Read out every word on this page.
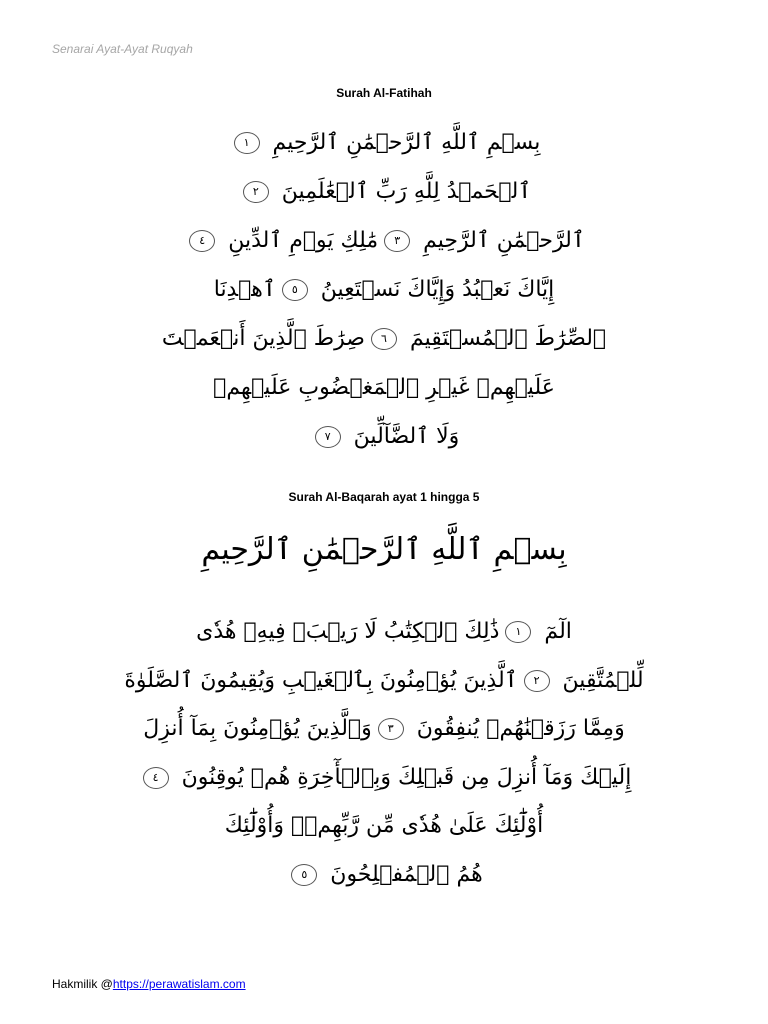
Senarai Ayat-Ayat Ruqyah
Surah Al-Fatihah
بِسۡمِ ٱللَّهِ ٱلرَّحۡمَٰنِ ٱلرَّحِيمِ ١
ٱلۡحَمۡدُ لِلَّهِ رَبِّ ٱلۡعَٰلَمِينَ ٢
ٱلرَّحۡمَٰنِ ٱلرَّحِيمِ ٣مَٰلِكِ يَوۡمِ ٱلدِّينِ ٤
إِيَّاكَ نَعۡبُدُ وَإِيَّاكَ نَسۡتَعِينُ ٥ٱهۡدِنَا
ٱلصِّرَٰطَ ٱلۡمُسۡتَقِيمَ ٦صِرَٰطَ ٱلَّذِينَ أَنۡعَمۡتَ
عَلَيۡهِمۡ غَيۡرِ ٱلۡمَغۡضُوبِ عَلَيۡهِمۡ
وَلَا ٱلضَّآلِّينَ ٧
Surah Al-Baqarah ayat 1 hingga 5
بِسۡمِ ٱللَّهِ ٱلرَّحۡمَٰنِ ٱلرَّحِيمِ
الٓمٓ ١ذَٰلِكَ ٱلۡكِتَٰبُ لَا رَيۡبَۛ فِيهِۛ هُدٗى
لِّلۡمُتَّقِينَ ٢ٱلَّذِينَ يُؤۡمِنُونَ بِٱلۡغَيۡبِ وَيُقِيمُونَ ٱلصَّلَوٰةَ
وَمِمَّا رَزَقۡنَٰهُمۡ يُنفِقُونَ ٣وَٱلَّذِينَ يُؤۡمِنُونَ بِمَآ أُنزِلَ
إِلَيۡكَ وَمَآ أُنزِلَ مِن قَبۡلِكَ وَبِٱلۡأٓخِرَةِ هُمۡ يُوقِنُونَ ٤
أُوْلَٰٓئِكَ عَلَىٰ هُدٗى مِّن رَّبِّهِمۡۖ وَأُوْلَٰٓئِكَ
هُمُ ٱلۡمُفۡلِحُونَ ٥
Hakmilik @https://perawatislam.com
